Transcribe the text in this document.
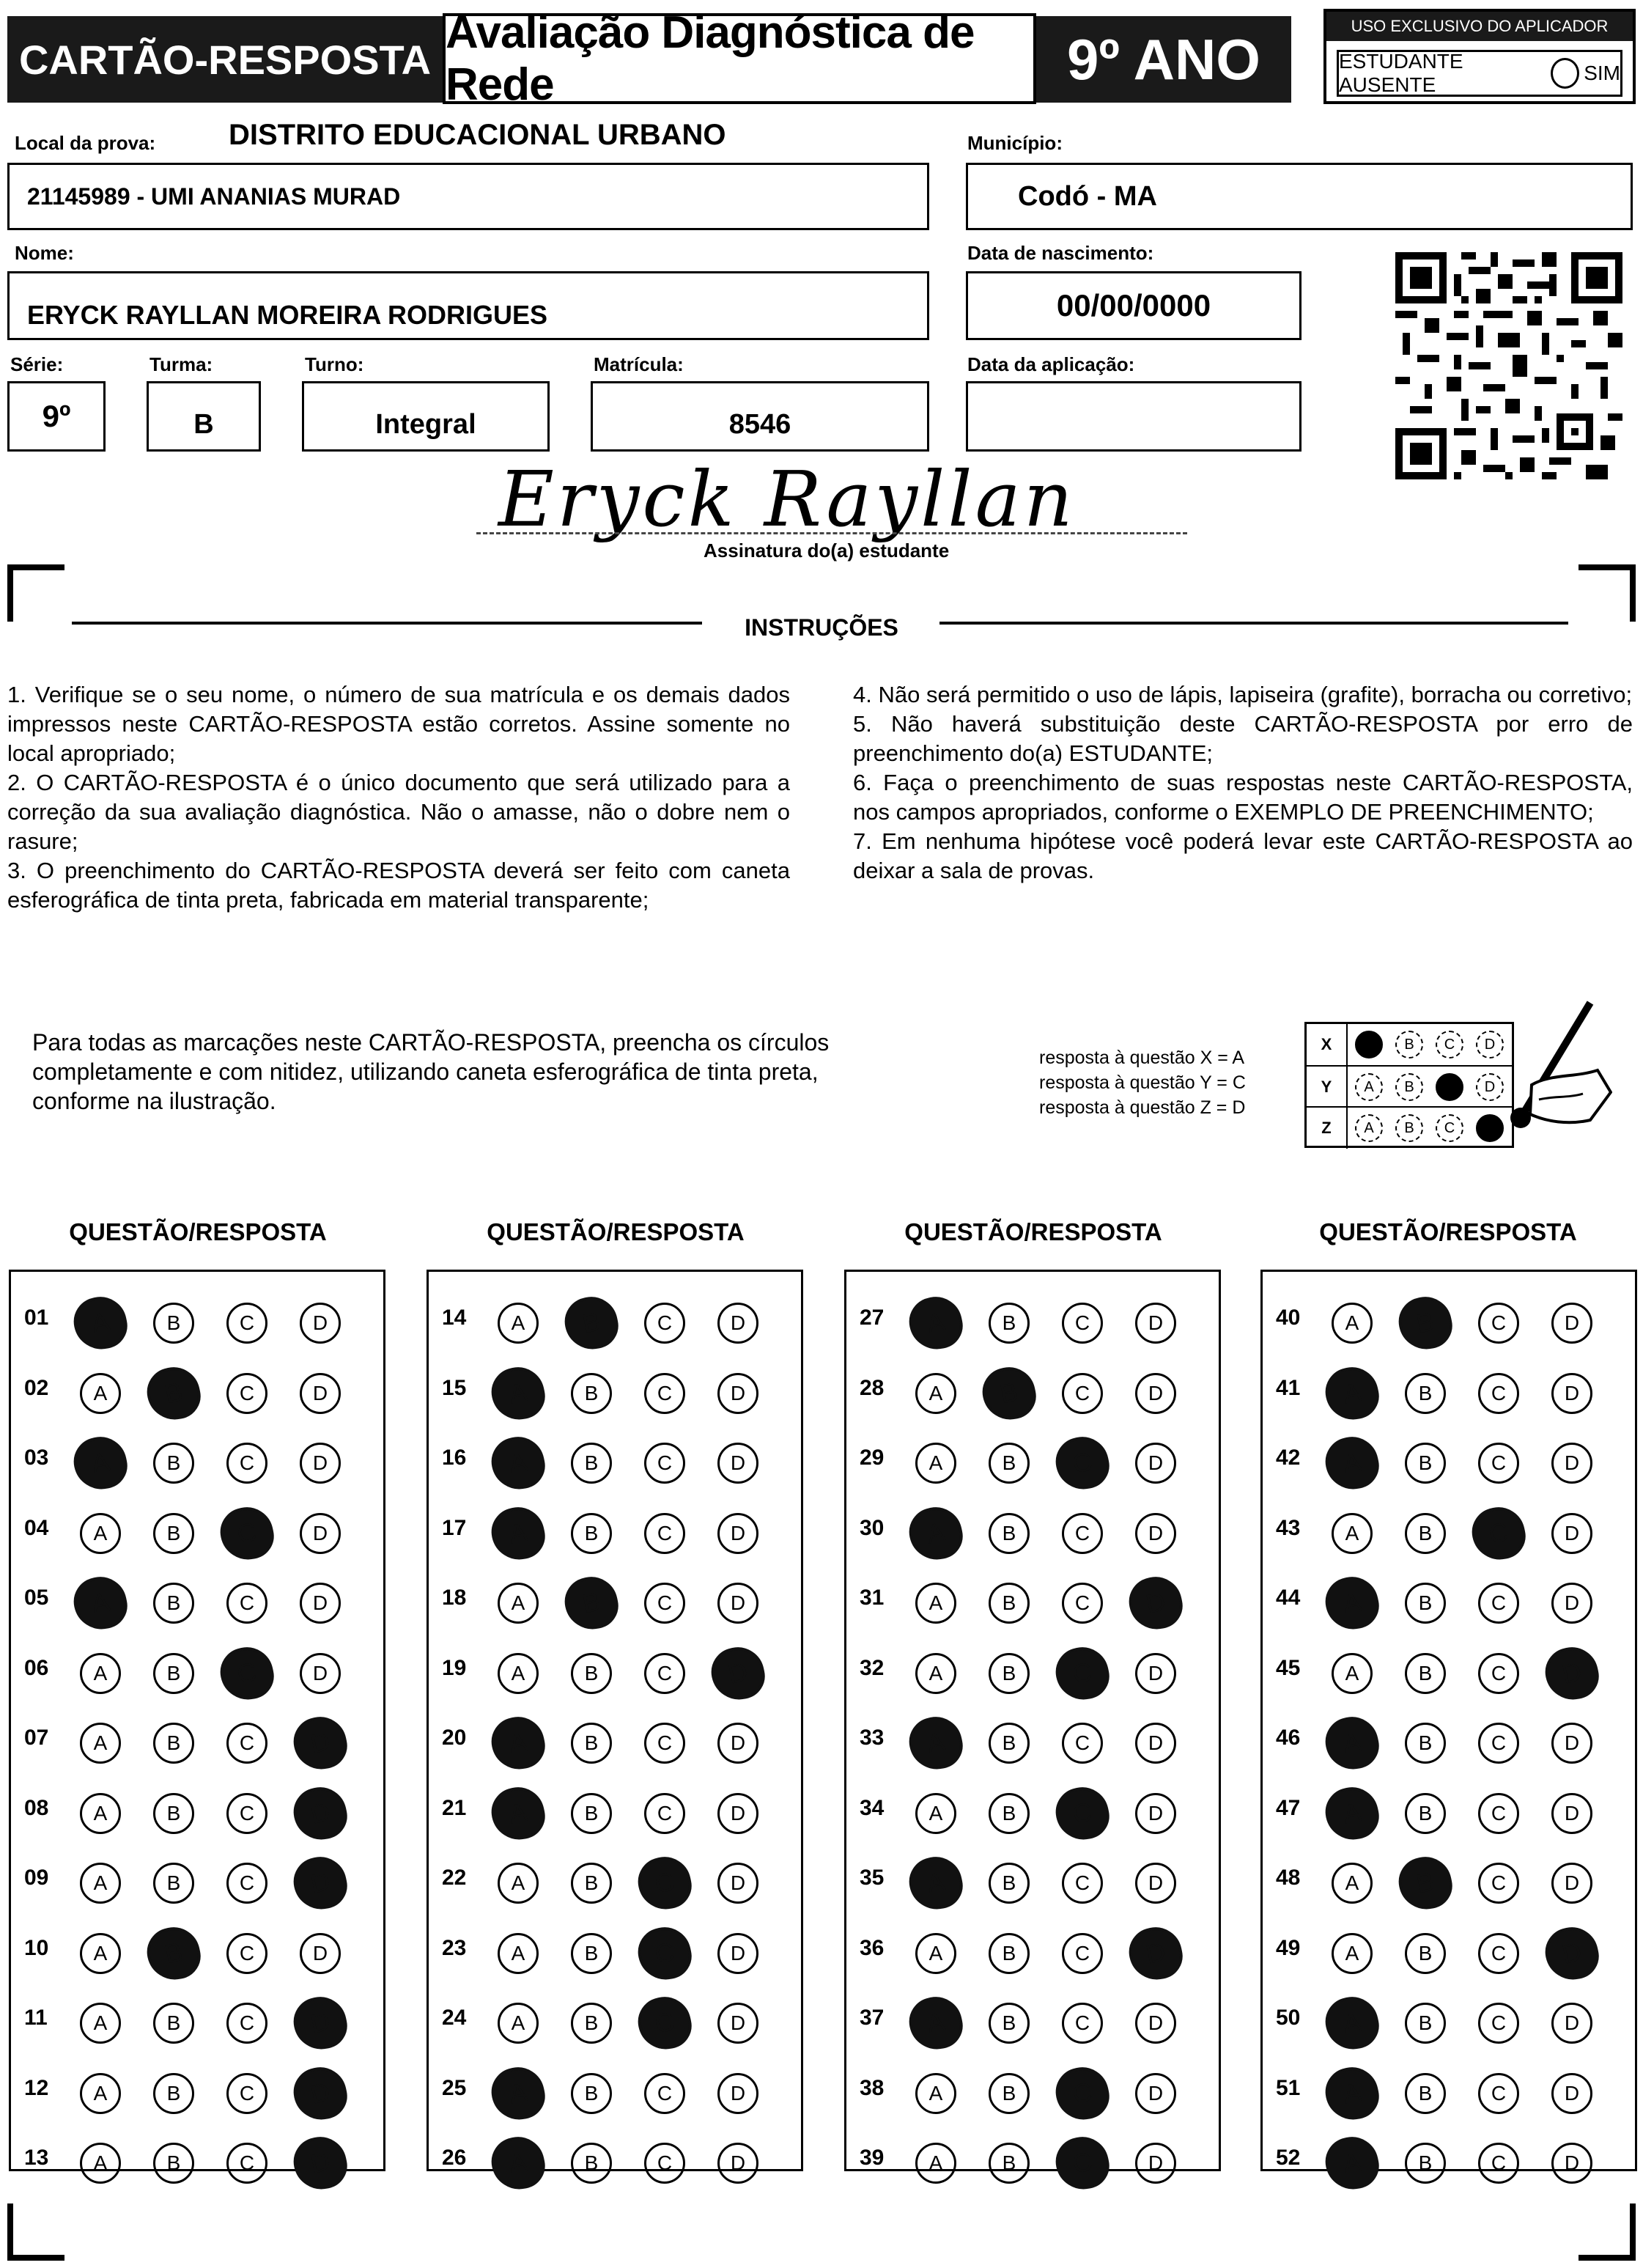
CARTÃO-RESPOSTA
Avaliação Diagnóstica de Rede	9º ANO
USO EXCLUSIVO DO APLICADOR
ESTUDANTE AUSENTE
SIM
Local da prova: DISTRITO EDUCACIONAL URBANO
21145989 - UMI ANANIAS MURAD
Município:
Codó - MA
Nome:
ERYCK RAYLLAN MOREIRA RODRIGUES
Data de nascimento:
00/00/0000
Série:
9º
Turma:
B
Turno:
Integral
Matrícula:
8546
Data da aplicação:
Eryck Rayllan
Assinatura do(a) estudante
INSTRUÇÕES

1. Verifique se o seu nome, o número de sua matrícula e os demais dados impressos neste CARTÃO-RESPOSTA estão corretos. Assine somente no local apropriado;

2. O CARTÃO-RESPOSTA é o único documento que será utilizado para a correção da sua avaliação diagnóstica. Não o amasse, não o dobre nem o rasure;

3. O preenchimento do CARTÃO-RESPOSTA deverá ser feito com caneta esferográfica de tinta preta, fabricada em material transparente;

4. Não será permitido o uso de lápis, lapiseira (grafite), borracha ou corretivo;

5. Não haverá substituição deste CARTÃO-RESPOSTA por erro de preenchimento do(a) ESTUDANTE;

6. Faça o preenchimento de suas respostas neste CARTÃO-RESPOSTA, nos campos apropriados, conforme o EXEMPLO DE PREENCHIMENTO;

7. Em nenhuma hipótese você poderá levar este CARTÃO-RESPOSTA ao deixar a sala de provas.

Para todas as marcações neste CARTÃO-RESPOSTA, preencha os círculos completamente e com nitidez, utilizando caneta esferográfica de tinta preta, conforme na ilustração.
resposta à questão X = A
resposta à questão Y = C
resposta à questão Z = D
X	A	B	C	D
Y	A	B	C	D
Z	A	B	C	D
QUESTÃO/RESPOSTA
01	A	B	C	D
02	A	B	C	D
03	A	B	C	D
04	A	B	C	D
05	A	B	C	D
06	A	B	C	D
07	A	B	C	D
08	A	B	C	D
09	A	B	C	D
10	A	B	C	D
11	A	B	C	D
12	A	B	C	D
13	A	B	C	D
QUESTÃO/RESPOSTA
14	A	B	C	D
15	A	B	C	D
16	A	B	C	D
17	A	B	C	D
18	A	B	C	D
19	A	B	C	D
20	A	B	C	D
21	A	B	C	D
22	A	B	C	D
23	A	B	C	D
24	A	B	C	D
25	A	B	C	D
26	A	B	C	D
QUESTÃO/RESPOSTA
27	A	B	C	D
28	A	B	C	D
29	A	B	C	D
30	A	B	C	D
31	A	B	C	D
32	A	B	C	D
33	A	B	C	D
34	A	B	C	D
35	A	B	C	D
36	A	B	C	D
37	A	B	C	D
38	A	B	C	D
39	A	B	C	D
QUESTÃO/RESPOSTA
40	A	B	C	D
41	A	B	C	D
42	A	B	C	D
43	A	B	C	D
44	A	B	C	D
45	A	B	C	D
46	A	B	C	D
47	A	B	C	D
48	A	B	C	D
49	A	B	C	D
50	A	B	C	D
51	A	B	C	D
52	A	B	C	D
